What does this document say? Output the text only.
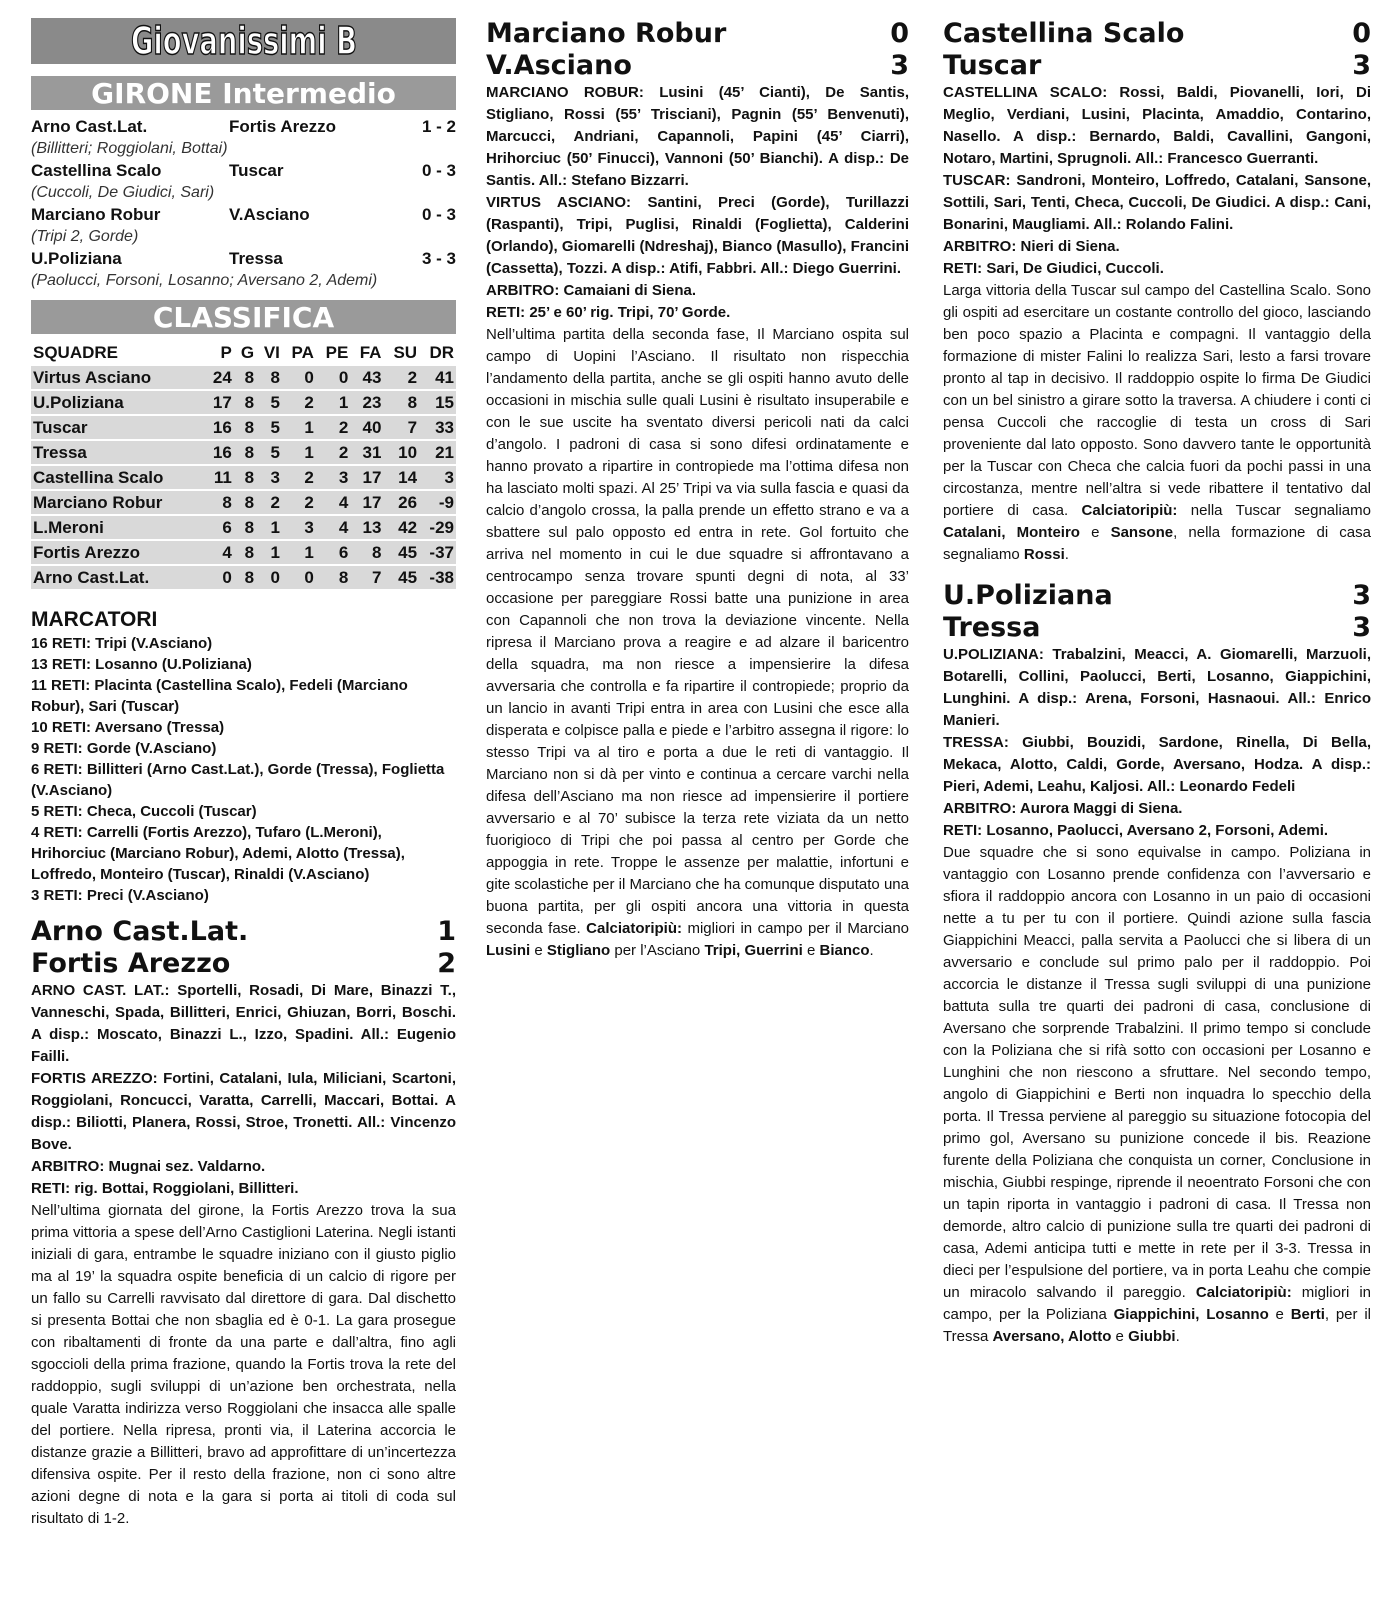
Giovanissimi B
GIRONE Intermedio
Arno Cast.Lat.	Fortis Arezzo	1 - 2
(Billitteri; Roggiolani, Bottai)
Castellina Scalo	Tuscar	0 - 3
(Cuccoli, De Giudici, Sari)
Marciano Robur	V.Asciano	0 - 3
(Tripi 2, Gorde)
U.Poliziana	Tressa	3 - 3
(Paolucci, Forsoni, Losanno; Aversano 2, Ademi)
CLASSIFICA
SQUADRE	P	G	VI	PA	PE	FA	SU	DR
Virtus Asciano	24	8	8	0	0	43	2	41
U.Poliziana	17	8	5	2	1	23	8	15
Tuscar	16	8	5	1	2	40	7	33
Tressa	16	8	5	1	2	31	10	21
Castellina Scalo	11	8	3	2	3	17	14	3
Marciano Robur	8	8	2	2	4	17	26	-9
L.Meroni	6	8	1	3	4	13	42	-29
Fortis Arezzo	4	8	1	1	6	8	45	-37
Arno Cast.Lat.	0	8	0	0	8	7	45	-38
MARCATORI
16 RETI: Tripi (V.Asciano)
13 RETI: Losanno (U.Poliziana)
11 RETI: Placinta (Castellina Scalo), Fedeli (Marciano Robur), Sari (Tuscar)
10 RETI: Aversano (Tressa)
9 RETI: Gorde (V.Asciano)
6 RETI: Billitteri (Arno Cast.Lat.), Gorde (Tressa), Foglietta (V.Asciano)
5 RETI: Checa, Cuccoli (Tuscar)
4 RETI: Carrelli (Fortis Arezzo), Tufaro (L.Meroni), Hrihorciuc (Marciano Robur), Ademi, Alotto (Tressa), Loffredo, Monteiro (Tuscar), Rinaldi (V.Asciano)
3 RETI: Preci (V.Asciano)
Arno Cast.Lat.	1
Fortis Arezzo	2
ARNO CAST. LAT.: Sportelli, Rosadi, Di Mare, Binazzi T., Vanneschi, Spada, Billitteri, Enrici, Ghiuzan, Borri, Boschi. A disp.: Moscato, Binazzi L., Izzo, Spadini. All.: Eugenio Failli.
FORTIS AREZZO: Fortini, Catalani, Iula, Miliciani, Scartoni, Roggiolani, Roncucci, Varatta, Carrelli, Maccari, Bottai. A disp.: Biliotti, Planera, Rossi, Stroe, Tronetti. All.: Vincenzo Bove.
ARBITRO: Mugnai sez. Valdarno.
RETI: rig. Bottai, Roggiolani, Billitteri.
Nell’ultima giornata del girone, la Fortis Arezzo trova la sua prima vittoria a spese dell’Arno Castiglioni Laterina. Negli istanti iniziali di gara, entrambe le squadre iniziano con il giusto piglio ma al 19’ la squadra ospite beneficia di un calcio di rigore per un fallo su Carrelli ravvisato dal direttore di gara. Dal dischetto si presenta Bottai che non sbaglia ed è 0-1. La gara prosegue con ribaltamenti di fronte da una parte e dall’altra, fino agli sgoccioli della prima frazione, quando la Fortis trova la rete del raddoppio, sugli sviluppi di un’azione ben orchestrata, nella quale Varatta indirizza verso Roggiolani che insacca alle spalle del portiere. Nella ripresa, pronti via, il Laterina accorcia le distanze grazie a Billitteri, bravo ad approfittare di un’incertezza difensiva ospite. Per il resto della frazione, non ci sono altre azioni degne di nota e la gara si porta ai titoli di coda sul risultato di 1-2.
Marciano Robur	0
V.Asciano	3
MARCIANO ROBUR: Lusini (45’ Cianti), De Santis, Stigliano, Rossi (55’ Trisciani), Pagnin (55’ Benvenuti), Marcucci, Andriani, Capannoli, Papini (45’ Ciarri), Hrihorciuc (50’ Finucci), Vannoni (50’ Bianchi). A disp.: De Santis. All.: Stefano Bizzarri.
VIRTUS ASCIANO: Santini, Preci (Gorde), Turillazzi (Raspanti), Tripi, Puglisi, Rinaldi (Foglietta), Calderini (Orlando), Giomarelli (Ndreshaj), Bianco (Masullo), Francini (Cassetta), Tozzi. A disp.: Atifi, Fabbri. All.: Diego Guerrini.
ARBITRO: Camaiani di Siena.
RETI: 25’ e 60’ rig. Tripi, 70’ Gorde.
Nell’ultima partita della seconda fase, Il Marciano ospita sul campo di Uopini l’Asciano. Il risultato non rispecchia l’andamento della partita, anche se gli ospiti hanno avuto delle occasioni in mischia sulle quali Lusini è risultato insuperabile e con le sue uscite ha sventato diversi pericoli nati da calci d’angolo. I padroni di casa si sono difesi ordinatamente e hanno provato a ripartire in contropiede ma l’ottima difesa non ha lasciato molti spazi. Al 25’ Tripi va via sulla fascia e quasi da calcio d’angolo crossa, la palla prende un effetto strano e va a sbattere sul palo opposto ed entra in rete. Gol fortuito che arriva nel momento in cui le due squadre si affrontavano a centrocampo senza trovare spunti degni di nota, al 33’ occasione per pareggiare Rossi batte una punizione in area con Capannoli che non trova la deviazione vincente. Nella ripresa il Marciano prova a reagire e ad alzare il baricentro della squadra, ma non riesce a impensierire la difesa avversaria che controlla e fa ripartire il contropiede; proprio da un lancio in avanti Tripi entra in area con Lusini che esce alla disperata e colpisce palla e piede e l’arbitro assegna il rigore: lo stesso Tripi va al tiro e porta a due le reti di vantaggio. Il Marciano non si dà per vinto e continua a cercare varchi nella difesa dell’Asciano ma non riesce ad impensierire il portiere avversario e al 70’ subisce la terza rete viziata da un netto fuorigioco di Tripi che poi passa al centro per Gorde che appoggia in rete. Troppe le assenze per malattie, infortuni e gite scolastiche per il Marciano che ha comunque disputato una buona partita, per gli ospiti ancora una vittoria in questa seconda fase. Calciatoripiù: migliori in campo per il Marciano Lusini e Stigliano per l’Asciano Tripi, Guerrini e Bianco.
Castellina Scalo	0
Tuscar	3
CASTELLINA SCALO: Rossi, Baldi, Piovanelli, Iori, Di Meglio, Verdiani, Lusini, Placinta, Amaddio, Contarino, Nasello. A disp.: Bernardo, Baldi, Cavallini, Gangoni, Notaro, Martini, Sprugnoli. All.: Francesco Guerranti.
TUSCAR: Sandroni, Monteiro, Loffredo, Catalani, Sansone, Sottili, Sari, Tenti, Checa, Cuccoli, De Giudici. A disp.: Cani, Bonarini, Maugliami. All.: Rolando Falini.
ARBITRO: Nieri di Siena.
RETI: Sari, De Giudici, Cuccoli.
Larga vittoria della Tuscar sul campo del Castellina Scalo. Sono gli ospiti ad esercitare un costante controllo del gioco, lasciando ben poco spazio a Placinta e compagni. Il vantaggio della formazione di mister Falini lo realizza Sari, lesto a farsi trovare pronto al tap in decisivo. Il raddoppio ospite lo firma De Giudici con un bel sinistro a girare sotto la traversa. A chiudere i conti ci pensa Cuccoli che raccoglie di testa un cross di Sari proveniente dal lato opposto. Sono davvero tante le opportunità per la Tuscar con Checa che calcia fuori da pochi passi in una circostanza, mentre nell’altra si vede ribattere il tentativo dal portiere di casa. Calciatoripiù: nella Tuscar segnaliamo Catalani, Monteiro e Sansone, nella formazione di casa segnaliamo Rossi.
U.Poliziana	3
Tressa	3
U.POLIZIANA: Trabalzini, Meacci, A. Giomarelli, Marzuoli, Botarelli, Collini, Paolucci, Berti, Losanno, Giappichini, Lunghini. A disp.: Arena, Forsoni, Hasnaoui. All.: Enrico Manieri.
TRESSA: Giubbi, Bouzidi, Sardone, Rinella, Di Bella, Mekaca, Alotto, Caldi, Gorde, Aversano, Hodza. A disp.: Pieri, Ademi, Leahu, Kaljosi. All.: Leonardo Fedeli
ARBITRO: Aurora Maggi di Siena.
RETI: Losanno, Paolucci, Aversano 2, Forsoni, Ademi.
Due squadre che si sono equivalse in campo. Poliziana in vantaggio con Losanno prende confidenza con l’avversario e sfiora il raddoppio ancora con Losanno in un paio di occasioni nette a tu per tu con il portiere. Quindi azione sulla fascia Giappichini Meacci, palla servita a Paolucci che si libera di un avversario e conclude sul primo palo per il raddoppio. Poi accorcia le distanze il Tressa sugli sviluppi di una punizione battuta sulla tre quarti dei padroni di casa, conclusione di Aversano che sorprende Trabalzini. Il primo tempo si conclude con la Poliziana che si rifà sotto con occasioni per Losanno e Lunghini che non riescono a sfruttare. Nel secondo tempo, angolo di Giappichini e Berti non inquadra lo specchio della porta. Il Tressa perviene al pareggio su situazione fotocopia del primo gol, Aversano su punizione concede il bis. Reazione furente della Poliziana che conquista un corner, Conclusione in mischia, Giubbi respinge, riprende il neoentrato Forsoni che con un tapin riporta in vantaggio i padroni di casa. Il Tressa non demorde, altro calcio di punizione sulla tre quarti dei padroni di casa, Ademi anticipa tutti e mette in rete per il 3-3. Tressa in dieci per l’espulsione del portiere, va in porta Leahu che compie un miracolo salvando il pareggio. Calciatoripiù: migliori in campo, per la Poliziana Giappichini, Losanno e Berti, per il Tressa Aversano, Alotto e Giubbi.
